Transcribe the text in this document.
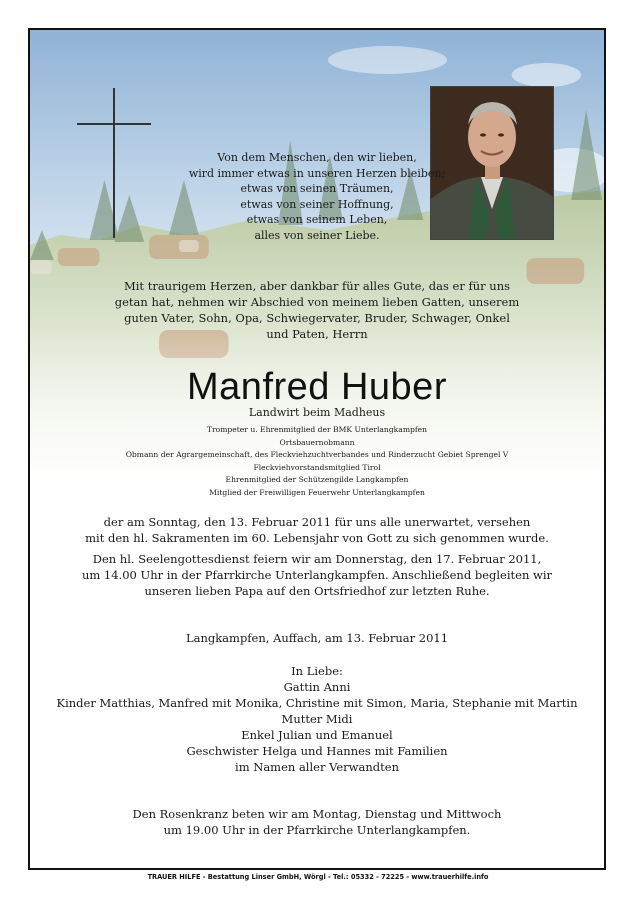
Von dem Menschen, den wir lieben,
wird immer etwas in unseren Herzen bleiben;
etwas von seinen Träumen,
etwas von seiner Hoffnung,
etwas von seinem Leben,
alles von seiner Liebe.
Mit traurigem Herzen, aber dankbar für alles Gute, das er für uns
getan hat, nehmen wir Abschied von meinem lieben Gatten, unserem
guten Vater, Sohn, Opa, Schwiegervater, Bruder, Schwager, Onkel
und Paten, Herrn
Manfred Huber
Landwirt beim Madheus
Trompeter u. Ehrenmitglied der BMK Unterlangkampfen
Ortsbauernobmann
Obmann der Agrargemeinschaft, des Fleckviehzuchtverbandes und Rinderzucht Gebiet Sprengel V
Fleckviehvorstandsmitglied Tirol
Ehrenmitglied der Schützengilde Langkampfen
Mitglied der Freiwilligen Feuerwehr Unterlangkampfen
der am Sonntag, den 13. Februar 2011 für uns alle unerwartet, versehen
mit den hl. Sakramenten im 60. Lebensjahr von Gott zu sich genommen wurde.
Den hl. Seelengottesdienst feiern wir am Donnerstag, den 17. Februar 2011,
um 14.00 Uhr in der Pfarrkirche Unterlangkampfen. Anschließend begleiten wir
unseren lieben Papa auf den Ortsfriedhof zur letzten Ruhe.
Langkampfen, Auffach, am 13. Februar 2011
In Liebe:
Gattin Anni
Kinder Matthias, Manfred mit Monika, Christine mit Simon, Maria, Stephanie mit Martin
Mutter Midi
Enkel Julian und Emanuel
Geschwister Helga und Hannes mit Familien
im Namen aller Verwandten
Den Rosenkranz beten wir am Montag, Dienstag und Mittwoch
um 19.00 Uhr in der Pfarrkirche Unterlangkampfen.
TRAUER HILFE - Bestattung Linser GmbH, Wörgl - Tel.: 05332 - 72225 - www.trauerhilfe.info
